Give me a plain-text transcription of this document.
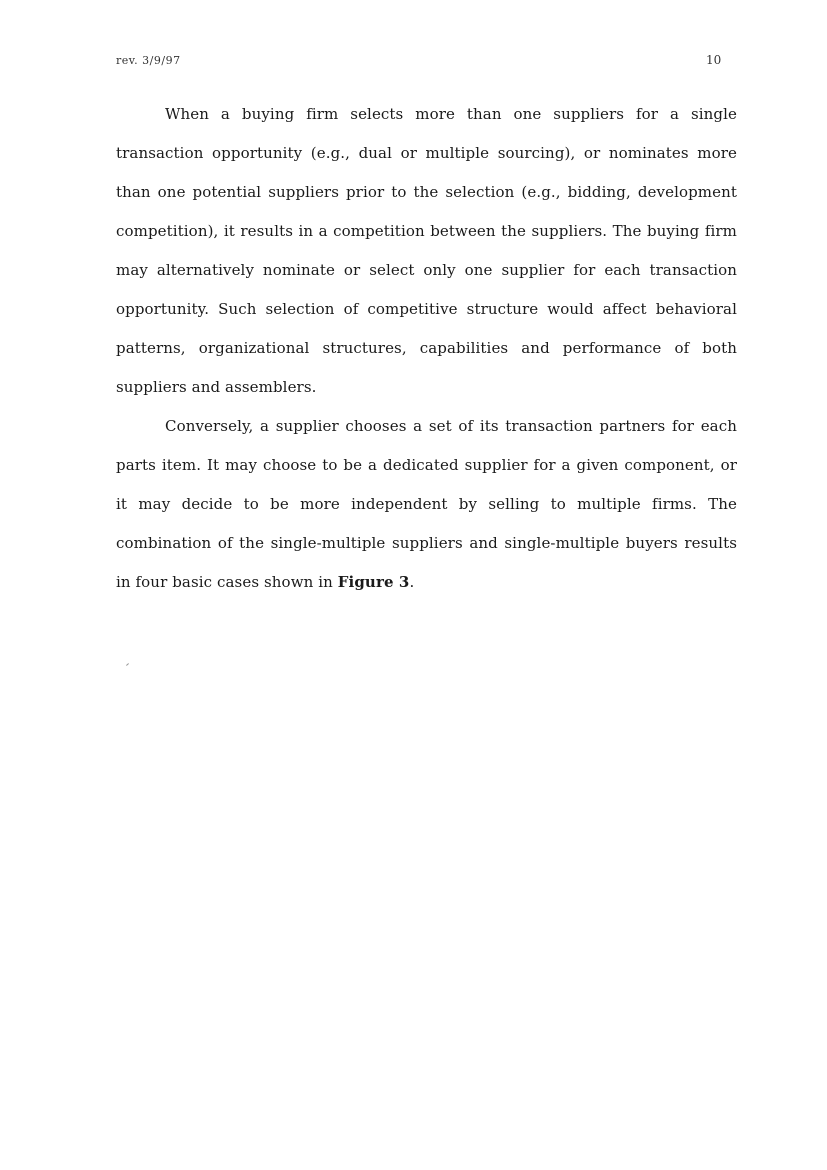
rev. 3/9/97	10

When a buying firm selects more than one suppliers for a single transaction opportunity (e.g., dual or multiple sourcing), or nominates more than one potential suppliers prior to the selection (e.g., bidding, development competition), it results in a competition between the suppliers. The buying firm may alternatively nominate or select only one supplier for each transaction opportunity. Such selection of competitive structure would affect behavioral patterns, organizational structures, capabilities and performance of both suppliers and assemblers.

Conversely, a supplier chooses a set of its transaction partners for each parts item. It may choose to be a dedicated supplier for a given component, or it may decide to be more independent by selling to multiple firms. The combination of the single-multiple suppliers and single-multiple buyers results in four basic cases shown in Figure 3.
